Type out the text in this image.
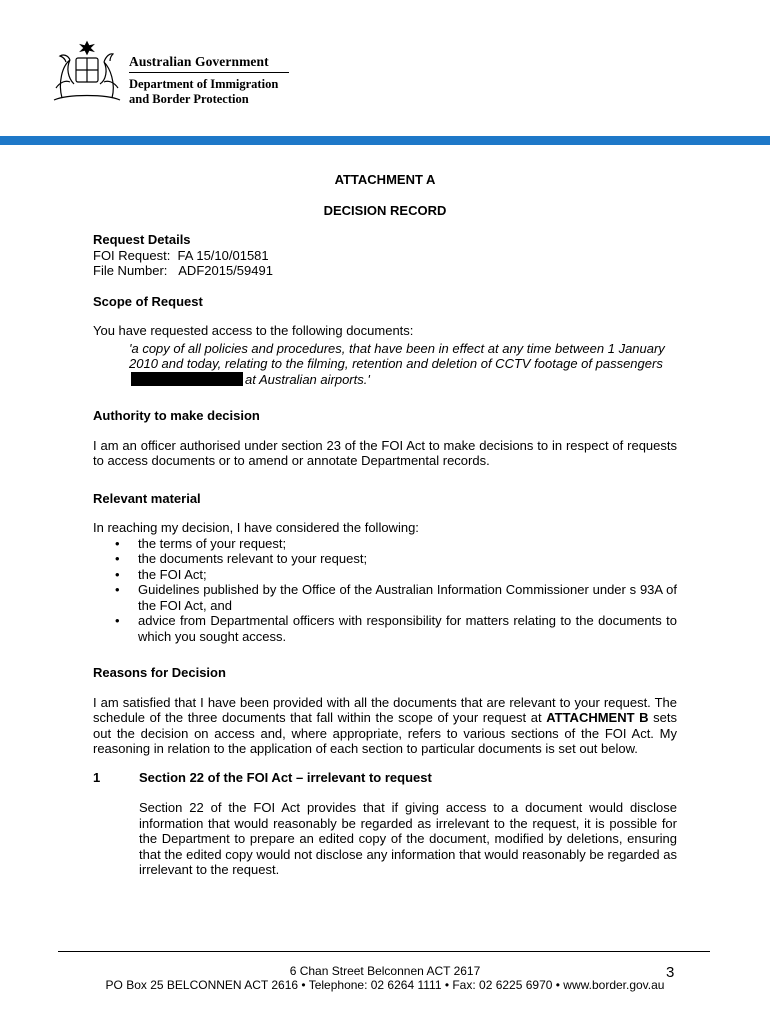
Australian Government
Department of Immigration
and Border Protection

ATTACHMENT A

DECISION RECORD

Request Details

FOI Request: FA 15/10/01581

File Number: ADF2015/59491

Scope of Request

You have requested access to the following documents:

'a copy of all policies and procedures, that have been in effect at any time between 1 January 2010 and today, relating to the filming, retention and deletion of CCTV footage of passengersat Australian airports.'

Authority to make decision

I am an officer authorised under section 23 of the FOI Act to make decisions to in respect of requests to access documents or to amend or annotate Departmental records.

Relevant material

In reaching my decision, I have considered the following:

• the terms of your request;
• the documents relevant to your request;
• the FOI Act;
• Guidelines published by the Office of the Australian Information Commissioner under s 93A of the FOI Act, and
• advice from Departmental officers with responsibility for matters relating to the documents to which you sought access.

Reasons for Decision

I am satisfied that I have been provided with all the documents that are relevant to your request. The schedule of the three documents that fall within the scope of your request at ATTACHMENT B sets out the decision on access and, where appropriate, refers to various sections of the FOI Act. My reasoning in relation to the application of each section to particular documents is set out below.

1	Section 22 of the FOI Act – irrelevant to request

Section 22 of the FOI Act provides that if giving access to a document would disclose information that would reasonably be regarded as irrelevant to the request, it is possible for the Department to prepare an edited copy of the document, modified by deletions, ensuring that the edited copy would not disclose any information that would reasonably be regarded as irrelevant to the request.

6 Chan Street Belconnen ACT 2617	3
PO Box 25 BELCONNEN ACT 2616 • Telephone: 02 6264 1111 • Fax: 02 6225 6970 • www.border.gov.au
